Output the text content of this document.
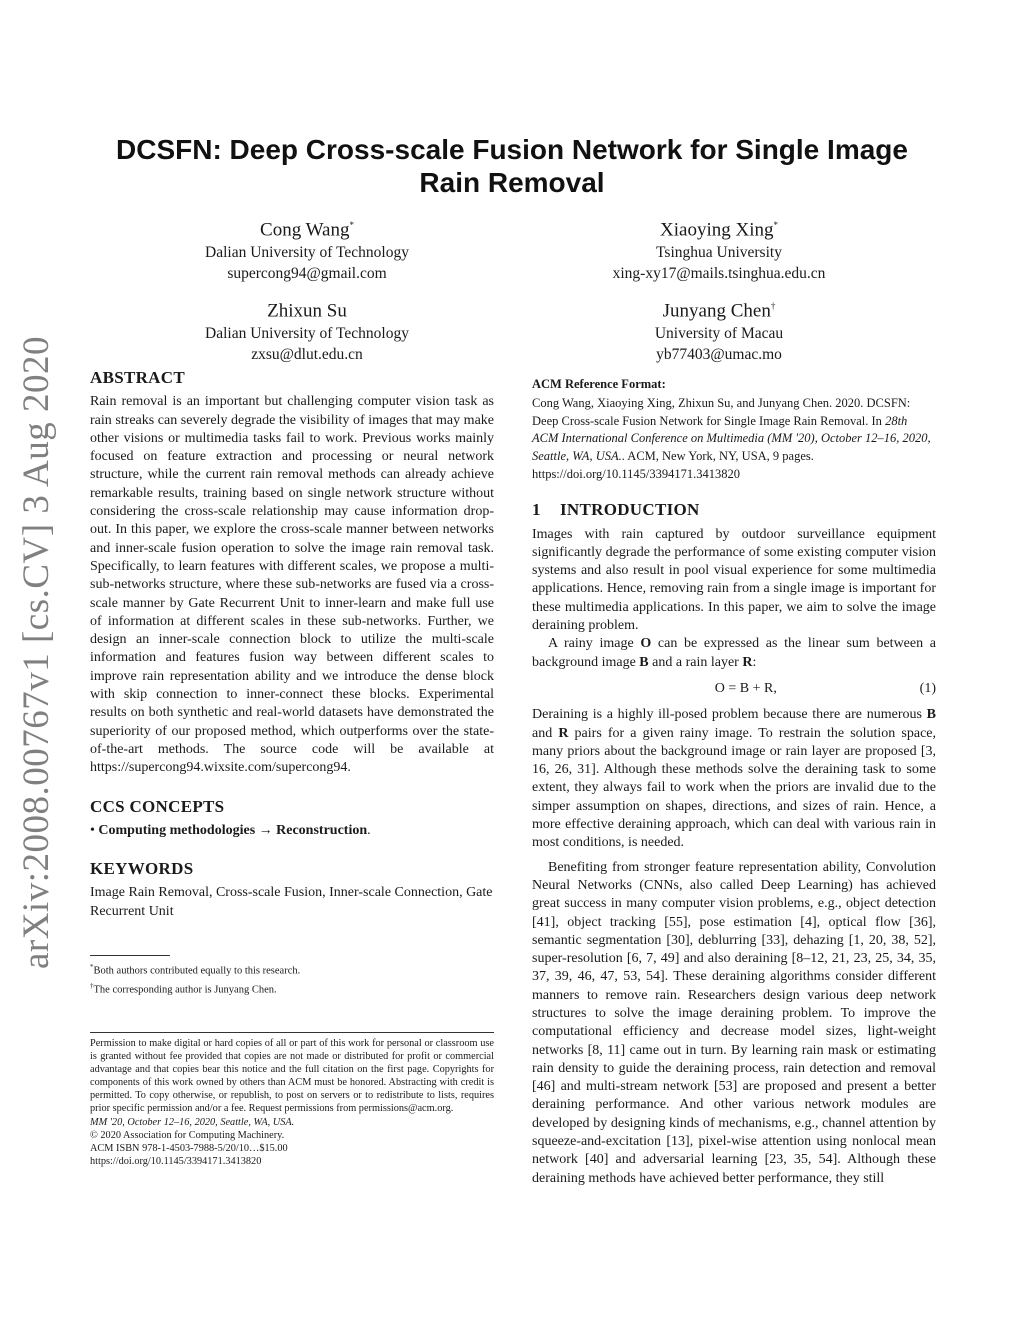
arXiv:2008.00767v1 [cs.CV] 3 Aug 2020
DCSFN: Deep Cross-scale Fusion Network for Single Image Rain Removal
Cong Wang*
Dalian University of Technology
supercong94@gmail.com
Xiaoying Xing*
Tsinghua University
xing-xy17@mails.tsinghua.edu.cn
Zhixun Su
Dalian University of Technology
zxsu@dlut.edu.cn
Junyang Chen†
University of Macau
yb77403@umac.mo
ABSTRACT

Rain removal is an important but challenging computer vision task as rain streaks can severely degrade the visibility of images that may make other visions or multimedia tasks fail to work. Previous works mainly focused on feature extraction and processing or neural network structure, while the current rain removal methods can already achieve remarkable results, training based on single network structure without considering the cross-scale relationship may cause information drop-out. In this paper, we explore the cross-scale manner between networks and inner-scale fusion operation to solve the image rain removal task. Specifically, to learn features with different scales, we propose a multi-sub-networks structure, where these sub-networks are fused via a cross-scale manner by Gate Recurrent Unit to inner-learn and make full use of information at different scales in these sub-networks. Further, we design an inner-scale connection block to utilize the multi-scale information and features fusion way between different scales to improve rain representation ability and we introduce the dense block with skip connection to inner-connect these blocks. Experimental results on both synthetic and real-world datasets have demonstrated the superiority of our proposed method, which outperforms over the state-of-the-art methods. The source code will be available at https://supercong94.wixsite.com/supercong94.

CCS CONCEPTS

• Computing methodologies → Reconstruction.

KEYWORDS

Image Rain Removal, Cross-scale Fusion, Inner-scale Connection, Gate Recurrent Unit

*Both authors contributed equally to this research.
†The corresponding author is Junyang Chen.
Permission to make digital or hard copies of all or part of this work for personal or classroom use is granted without fee provided that copies are not made or distributed for profit or commercial advantage and that copies bear this notice and the full citation on the first page. Copyrights for components of this work owned by others than ACM must be honored. Abstracting with credit is permitted. To copy otherwise, or republish, to post on servers or to redistribute to lists, requires prior specific permission and/or a fee. Request permissions from permissions@acm.org.
MM '20, October 12–16, 2020, Seattle, WA, USA.
© 2020 Association for Computing Machinery.
ACM ISBN 978-1-4503-7988-5/20/10…$15.00
https://doi.org/10.1145/3394171.3413820
ACM Reference Format:
Cong Wang, Xiaoying Xing, Zhixun Su, and Junyang Chen. 2020. DCSFN: Deep Cross-scale Fusion Network for Single Image Rain Removal. In 28th ACM International Conference on Multimedia (MM '20), October 12–16, 2020, Seattle, WA, USA.. ACM, New York, NY, USA, 9 pages. https://doi.org/10.1145/3394171.3413820
1 INTRODUCTION

Images with rain captured by outdoor surveillance equipment significantly degrade the performance of some existing computer vision systems and also result in pool visual experience for some multimedia applications. Hence, removing rain from a single image is important for these multimedia applications. In this paper, we aim to solve the image deraining problem.

A rainy image O can be expressed as the linear sum between a background image B and a rain layer R:

O = B + R,	(1)

Deraining is a highly ill-posed problem because there are numerous B and R pairs for a given rainy image. To restrain the solution space, many priors about the background image or rain layer are proposed [3, 16, 26, 31]. Although these methods solve the deraining task to some extent, they always fail to work when the priors are invalid due to the simper assumption on shapes, directions, and sizes of rain. Hence, a more effective deraining approach, which can deal with various rain in most conditions, is needed.

Benefiting from stronger feature representation ability, Convolution Neural Networks (CNNs, also called Deep Learning) has achieved great success in many computer vision problems, e.g., object detection [41], object tracking [55], pose estimation [4], optical flow [36], semantic segmentation [30], deblurring [33], dehazing [1, 20, 38, 52], super-resolution [6, 7, 49] and also deraining [8–12, 21, 23, 25, 34, 35, 37, 39, 46, 47, 53, 54]. These deraining algorithms consider different manners to remove rain. Researchers design various deep network structures to solve the image deraining problem. To improve the computational efficiency and decrease model sizes, light-weight networks [8, 11] came out in turn. By learning rain mask or estimating rain density to guide the deraining process, rain detection and removal [46] and multi-stream network [53] are proposed and present a better deraining performance. And other various network modules are developed by designing kinds of mechanisms, e.g., channel attention by squeeze-and-excitation [13], pixel-wise attention using nonlocal mean network [40] and adversarial learning [23, 35, 54]. Although these deraining methods have achieved better performance, they still
